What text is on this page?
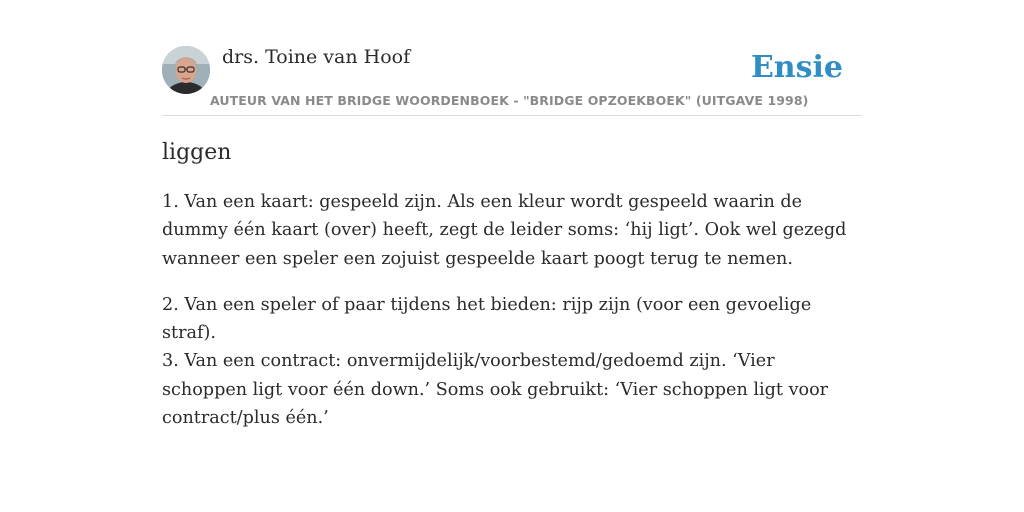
drs. Toine van Hoof
AUTEUR VAN HET BRIDGE WOORDENBOEK - "BRIDGE OPZOEKBOEK" (UITGAVE 1998)
Ensie
liggen

1. Van een kaart: gespeeld zijn. Als een kleur wordt gespeeld waarin de dummy één kaart (over) heeft, zegt de leider soms: ‘hij ligt’. Ook wel gezegd wanneer een speler een zojuist gespeelde kaart poogt terug te nemen.

2. Van een speler of paar tijdens het bieden: rijp zijn (voor een gevoelige straf).
3. Van een contract: onvermijdelijk/voorbestemd/gedoemd zijn. ‘Vier schoppen ligt voor één down.’ Soms ook gebruikt: ‘Vier schoppen ligt voor contract/plus één.’
